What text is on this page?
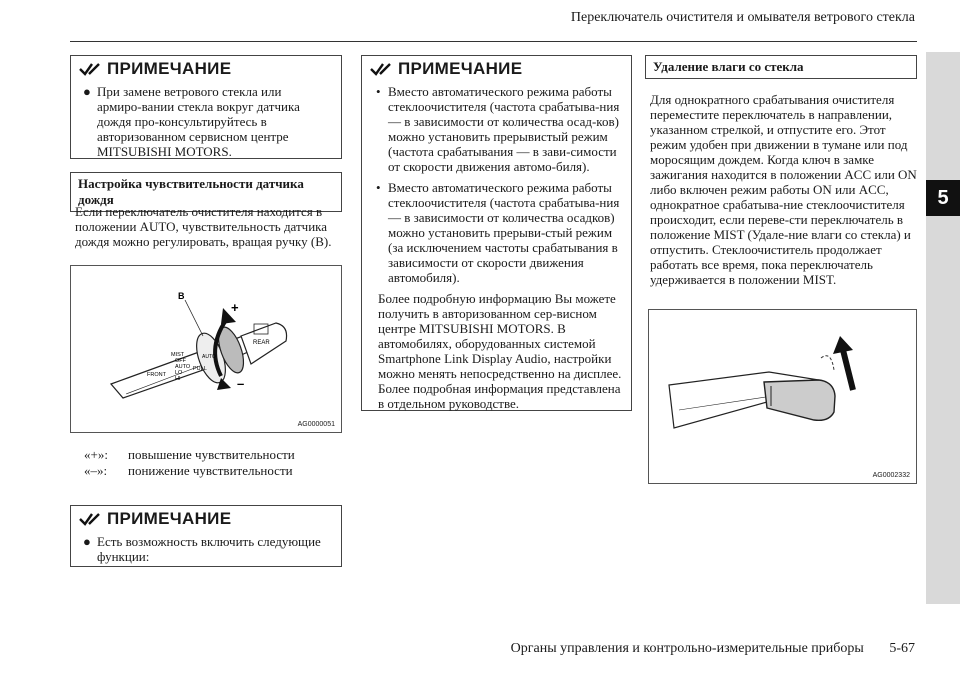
Переключатель очистителя и омывателя ветрового стекла
5
ПРИМЕЧАНИЕ
● При замене ветрового стекла или армиро-вании стекла вокруг датчика дождя про-консультируйтесь в авторизованном сервисном центре MITSUBISHI MOTORS.
Настройка чувствительности датчика дождя
Если переключатель очистителя находится в положении AUTO, чувствительность датчика дождя можно регулировать, вращая ручку (B).
B
+
–
MIST
OFF
AUTO
LO
HI
FRONT
PULL
AUTO
REAR
AG0000051
«+»:	повышение чувствительности
«–»:	понижение чувствительности
ПРИМЕЧАНИЕ
● Есть возможность включить следующие функции:
ПРИМЕЧАНИЕ
• Вместо автоматического режима работы стеклоочистителя (частота срабатыва-ния ― в зависимости от количества осад-ков) можно установить прерывистый режим (частота срабатывания ― в зави-симости от скорости движения автомо-биля).
• Вместо автоматического режима работы стеклоочистителя (частота срабатыва-ния ― в зависимости от количества осадков) можно установить прерыви-стый режим (за исключением частоты срабатывания в зависимости от скорости движения автомобиля).
Более подробную информацию Вы можете получить в авторизованном сер-висном центре MITSUBISHI MOTORS. В автомобилях, оборудованных системой Smartphone Link Display Audio, настройки можно менять непосредственно на дисплее. Более подробная информация представлена в отдельном руководстве.
Удаление влаги со стекла
Для однократного срабатывания очистителя переместите переключатель в направлении, указанном стрелкой, и отпустите его. Этот режим удобен при движении в тумане или под моросящим дождем. Когда ключ в замке зажигания находится в положении ACC или ON либо включен режим работы ON или ACC, однократное срабатыва-ние стеклоочистителя происходит, если переве-сти переключатель в положение MIST (Удале-ние влаги со стекла) и отпустить. Стеклоочиститель продолжает работать все время, пока переключатель удерживается в положении MIST.
AG0002332
Органы управления и контрольно-измерительные приборы 5-67
